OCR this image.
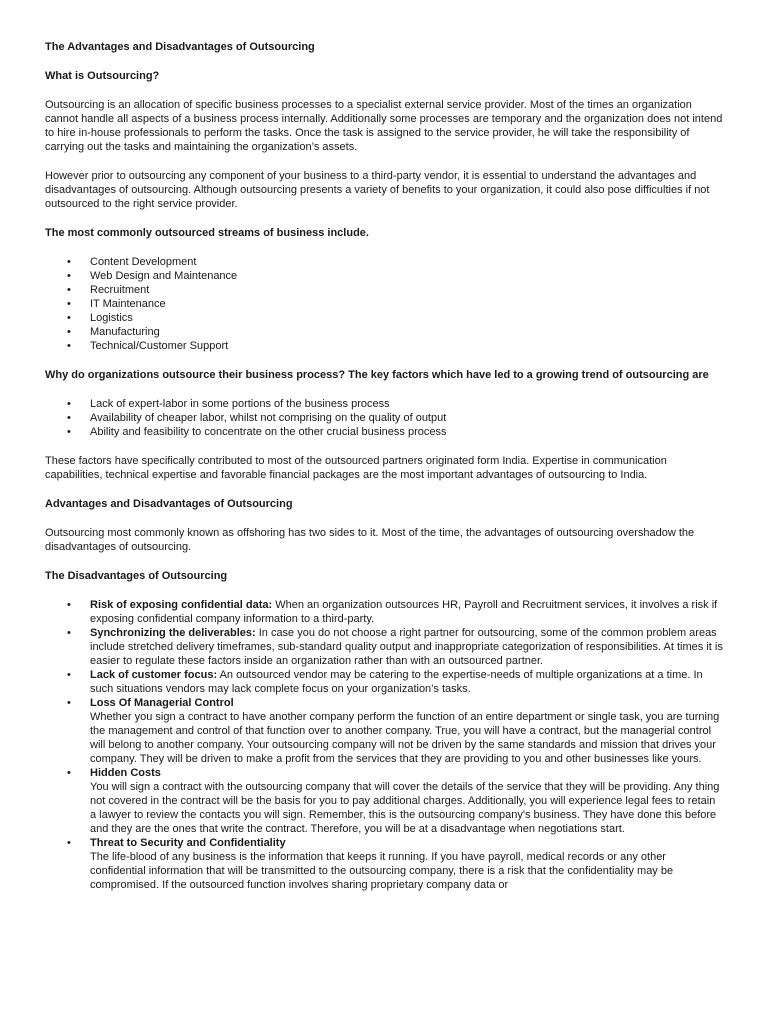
The Advantages and Disadvantages of Outsourcing

What is Outsourcing?

Outsourcing is an allocation of specific business processes to a specialist external service provider. Most of the times an organization cannot handle all aspects of a business process internally. Additionally some processes are temporary and the organization does not intend to hire in-house professionals to perform the tasks. Once the task is assigned to the service provider, he will take the responsibility of carrying out the tasks and maintaining the organization’s assets.

However prior to outsourcing any component of your business to a third-party vendor, it is essential to understand the advantages and disadvantages of outsourcing. Although outsourcing presents a variety of benefits to your organization, it could also pose difficulties if not outsourced to the right service provider.

The most commonly outsourced streams of business include.

• Content Development
• Web Design and Maintenance
• Recruitment
• IT Maintenance
• Logistics
• Manufacturing
• Technical/Customer Support

Why do organizations outsource their business process? The key factors which have led to a growing trend of outsourcing are

• Lack of expert-labor in some portions of the business process
• Availability of cheaper labor, whilst not comprising on the quality of output
• Ability and feasibility to concentrate on the other crucial business process

These factors have specifically contributed to most of the outsourced partners originated form India. Expertise in communication capabilities, technical expertise and favorable financial packages are the most important advantages of outsourcing to India.

Advantages and Disadvantages of Outsourcing

Outsourcing most commonly known as offshoring has two sides to it. Most of the time, the advantages of outsourcing overshadow the disadvantages of outsourcing.

The Disadvantages of Outsourcing

• Risk of exposing confidential data: When an organization outsources HR, Payroll and Recruitment services, it involves a risk if exposing confidential company information to a third-party.
• Synchronizing the deliverables: In case you do not choose a right partner for outsourcing, some of the common problem areas include stretched delivery timeframes, sub-standard quality output and inappropriate categorization of responsibilities. At times it is easier to regulate these factors inside an organization rather than with an outsourced partner.
• Lack of customer focus: An outsourced vendor may be catering to the expertise-needs of multiple organizations at a time. In such situations vendors may lack complete focus on your organization’s tasks.
• Loss Of Managerial Control
Whether you sign a contract to have another company perform the function of an entire department or single task, you are turning the management and control of that function over to another company. True, you will have a contract, but the managerial control will belong to another company. Your outsourcing company will not be driven by the same standards and mission that drives your company. They will be driven to make a profit from the services that they are providing to you and other businesses like yours.
• Hidden Costs
You will sign a contract with the outsourcing company that will cover the details of the service that they will be providing. Any thing not covered in the contract will be the basis for you to pay additional charges. Additionally, you will experience legal fees to retain a lawyer to review the contacts you will sign. Remember, this is the outsourcing company's business. They have done this before and they are the ones that write the contract. Therefore, you will be at a disadvantage when negotiations start.
• Threat to Security and Confidentiality
The life-blood of any business is the information that keeps it running. If you have payroll, medical records or any other confidential information that will be transmitted to the outsourcing company, there is a risk that the confidentiality may be compromised. If the outsourced function involves sharing proprietary company data or
